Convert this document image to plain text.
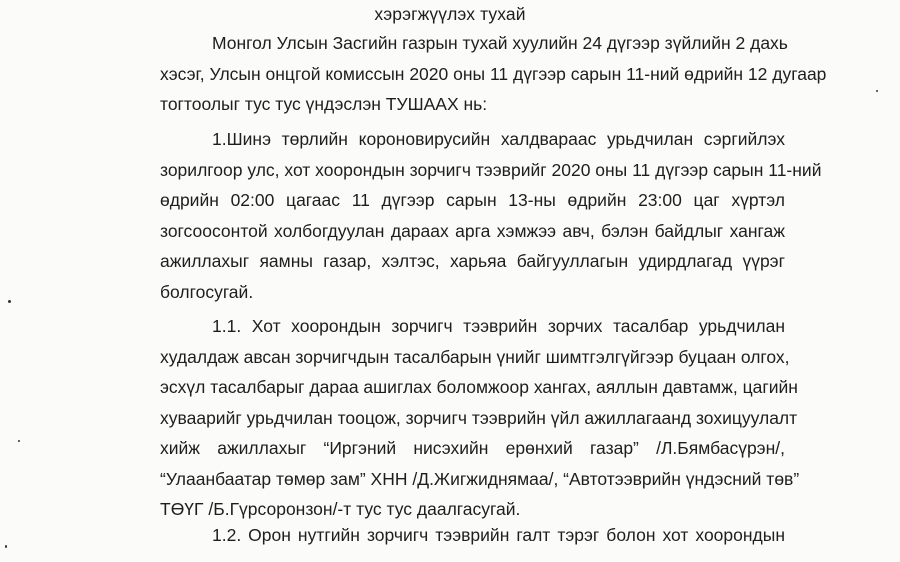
хэрэгжүүлэх тухай
Монгол Улсын Засгийн газрын тухай хуулийн 24 дүгээр зүйлийн 2 дахь
хэсэг, Улсын онцгой комиссын 2020 оны 11 дүгээр сарын 11-ний өдрийн 12 дугаар
тогтоолыг тус тус үндэслэн ТУШААХ нь:
1.Шинэ төрлийн короновирусийн халдвараас урьдчилан сэргийлэх
зорилгоор улс, хот хоорондын зорчигч тээврийг 2020 оны 11 дүгээр сарын 11-ний
өдрийн 02:00 цагаас 11 дүгээр сарын 13-ны өдрийн 23:00 цаг хүртэл
зогсоосонтой холбогдуулан дараах арга хэмжээ авч, бэлэн байдлыг хангаж
ажиллахыг яамны газар, хэлтэс, харьяа байгууллагын удирдлагад үүрэг
болгосугай.
1.1. Хот хоорондын зорчигч тээврийн зорчих тасалбар урьдчилан
худалдаж авсан зорчигчдын тасалбарын үнийг шимтгэлгүйгээр буцаан олгох,
эсхүл тасалбарыг дараа ашиглах боломжоор хангах, аяллын давтамж, цагийн
хуваарийг урьдчилан тооцож, зорчигч тээврийн үйл ажиллагаанд зохицуулалт
хийж ажиллахыг “Иргэний нисэхийн ерөнхий газар” /Л.Бямбасүрэн/,
“Улаанбаатар төмөр зам” ХНН /Д.Жигжиднямаа/, “Автотээврийн үндэсний төв”
ТӨҮГ /Б.Гүрсоронзон/-т тус тус даалгасугай.
1.2. Орон нутгийн зорчигч тээврийн галт тэрэг болон хот хоорондын
